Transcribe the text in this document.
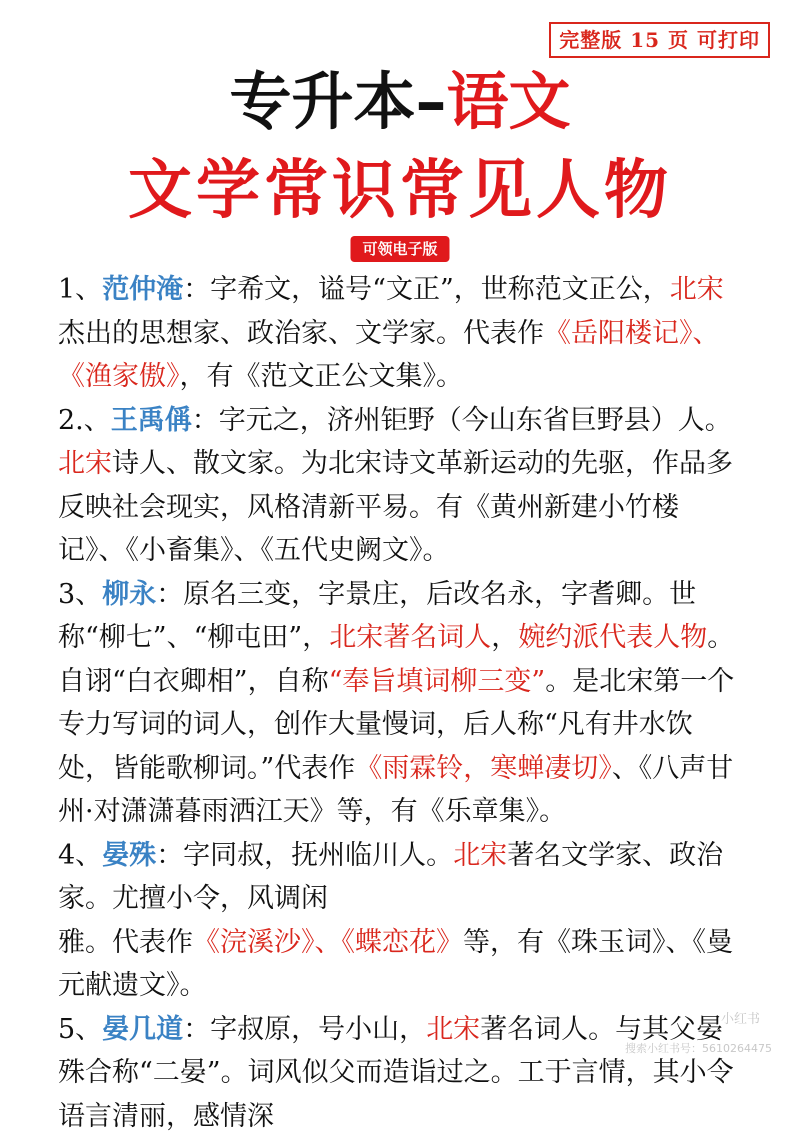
完整版 15 页 可打印
专升本–语文
文学常识常见人物
可领电子版

1、范仲淹：字希文，谥号“文正”，世称范文正公，北宋杰出的思想家、政治家、文学家。代表作《岳阳楼记》、《渔家傲》，有《范文正公文集》。

2.、王禹偁：字元之，济州钜野（今山东省巨野县）人。北宋诗人、散文家。为北宋诗文革新运动的先驱，作品多反映社会现实，风格清新平易。有《黄州新建小竹楼记》、《小畜集》、《五代史阙文》。

3、柳永：原名三变，字景庄，后改名永，字耆卿。世称“柳七”、“柳屯田”，北宋著名词人，婉约派代表人物。自诩“白衣卿相”，自称“奉旨填词柳三变”。是北宋第一个专力写词的词人，创作大量慢词，后人称“凡有井水饮处，皆能歌柳词。”代表作《雨霖铃，寒蝉凄切》、《八声甘州·对潇潇暮雨洒江天》等，有《乐章集》。

4、晏殊：字同叔，抚州临川人。北宋著名文学家、政治家。尤擅小令，风调闲

雅。代表作《浣溪沙》、《蝶恋花》等，有《珠玉词》、《曼元献遗文》。

5、晏几道：字叔原，号小山，北宋著名词人。与其父晏殊合称“二晏”。词风似父而造诣过之。工于言情，其小令语言清丽，感情深

小红书
搜索小红书号：5610264475
